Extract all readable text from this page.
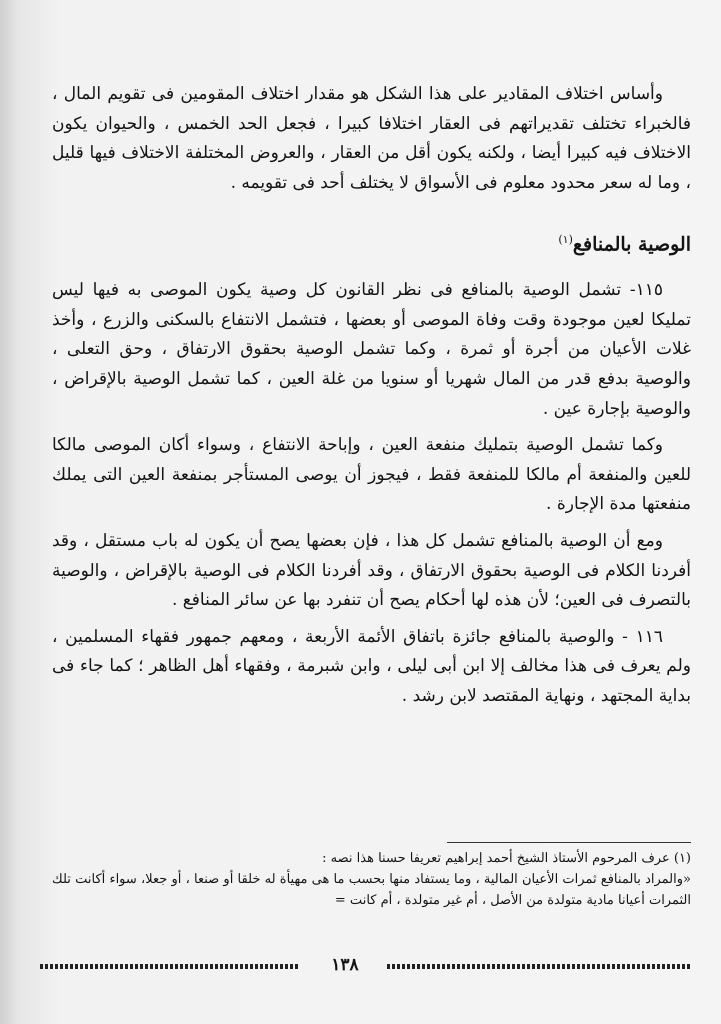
وأساس اختلاف المقادير على هذا الشكل هو مقدار اختلاف المقومين فى تقويم المال ، فالخبراء تختلف تقديراتهم فى العقار اختلافا كبيرا ، فجعل الحد الخمس ، والحيوان يكون الاختلاف فيه كبيرا أيضا ، ولكنه يكون أقل من العقار ، والعروض المختلفة الاختلاف فيها قليل ، وما له سعر محدود معلوم فى الأسواق لا يختلف أحد فى تقويمه .

الوصية بالمنافع$^{(١)}$

١١٥- تشمل الوصية بالمنافع فى نظر القانون كل وصية يكون الموصى به فيها ليس تمليكا لعين موجودة وقت وفاة الموصى أو بعضها ، فتشمل الانتفاع بالسكنى والزرع ، وأخذ غلات الأعيان من أجرة أو ثمرة ، وكما تشمل الوصية بحقوق الارتفاق ، وحق التعلى ، والوصية بدفع قدر من المال شهريا أو سنويا من غلة العين ، كما تشمل الوصية بالإقراض ، والوصية بإجارة عين .

وكما تشمل الوصية بتمليك منفعة العين ، وإباحة الانتفاع ، وسواء أكان الموصى مالكا للعين والمنفعة أم مالكا للمنفعة فقط ، فيجوز أن يوصى المستأجر بمنفعة العين التى يملك منفعتها مدة الإجارة .

ومع أن الوصية بالمنافع تشمل كل هذا ، فإن بعضها يصح أن يكون له باب مستقل ، وقد أفردنا الكلام فى الوصية بحقوق الارتفاق ، وقد أفردنا الكلام فى الوصية بالإقراض ، والوصية بالتصرف فى العين؛ لأن هذه لها أحكام يصح أن تنفرد بها عن سائر المنافع .

١١٦ - والوصية بالمنافع جائزة باتفاق الأئمة الأربعة ، ومعهم جمهور فقهاء المسلمين ، ولم يعرف فى هذا مخالف إلا ابن أبى ليلى ، وابن شبرمة ، وفقهاء أهل الظاهر ؛ كما جاء فى بداية المجتهد ، ونهاية المقتصد لابن رشد .

(١) عرف المرحوم الأستاذ الشيخ أحمد إبراهيم تعريفا حسنا هذا نصه :

«والمراد بالمنافع ثمرات الأعيان المالية ، وما يستفاد منها بحسب ما هى مهيأة له خلقا أو صنعا ، أو جعلا، سواء أكانت تلك الثمرات أعيانا مادية متولدة من الأصل ، أم غير متولدة ، أم كانت =

١٣٨
